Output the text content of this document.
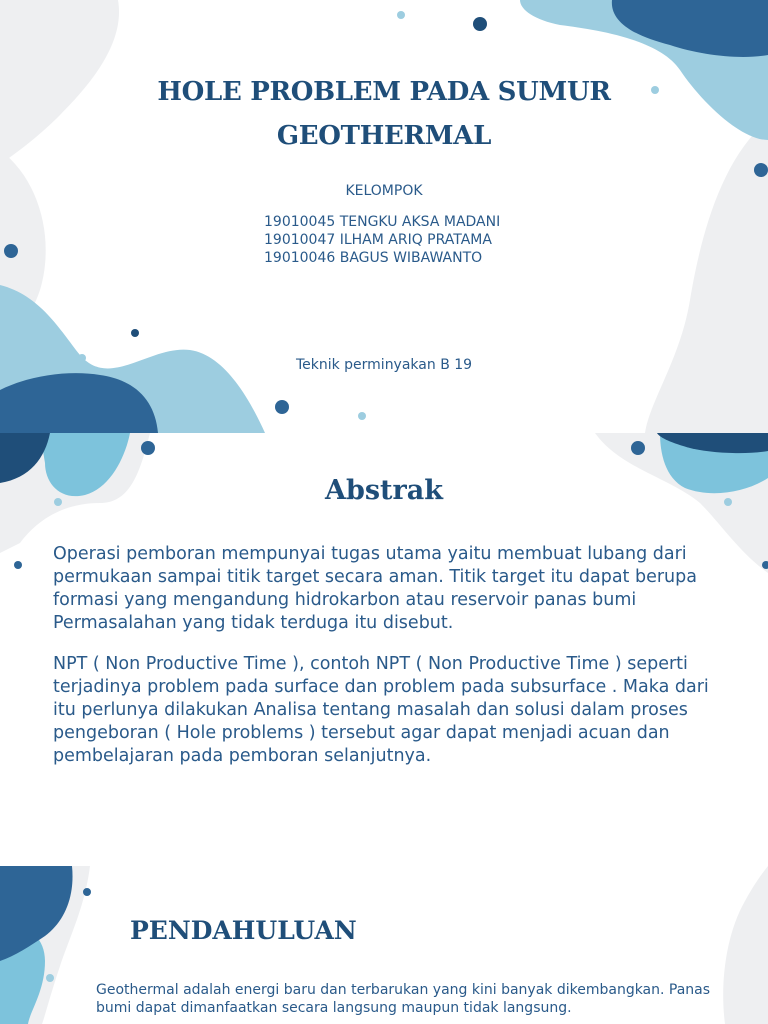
HOLE PROBLEM PADA SUMUR
GEOTHERMAL
KELOMPOK
19010045 TENGKU AKSA MADANI
19010047 ILHAM ARIQ PRATAMA
19010046 BAGUS WIBAWANTO
Teknik perminyakan B 19
Abstrak

Operasi pemboran mempunyai tugas utama yaitu membuat lubang dari permukaan sampai titik target secara aman. Titik target itu dapat berupa formasi yang mengandung hidrokarbon atau reservoir panas bumi Permasalahan yang tidak terduga itu disebut.

NPT ( Non Productive Time ), contoh NPT ( Non Productive Time ) seperti terjadinya problem pada surface dan problem pada subsurface . Maka dari itu perlunya dilakukan Analisa tentang masalah dan solusi dalam proses pengeboran ( Hole problems ) tersebut agar dapat menjadi acuan dan pembelajaran pada pemboran selanjutnya.

PENDAHULUAN
Geothermal adalah energi baru dan terbarukan yang kini banyak dikembangkan. Panas bumi dapat dimanfaatkan secara langsung maupun tidak langsung.
